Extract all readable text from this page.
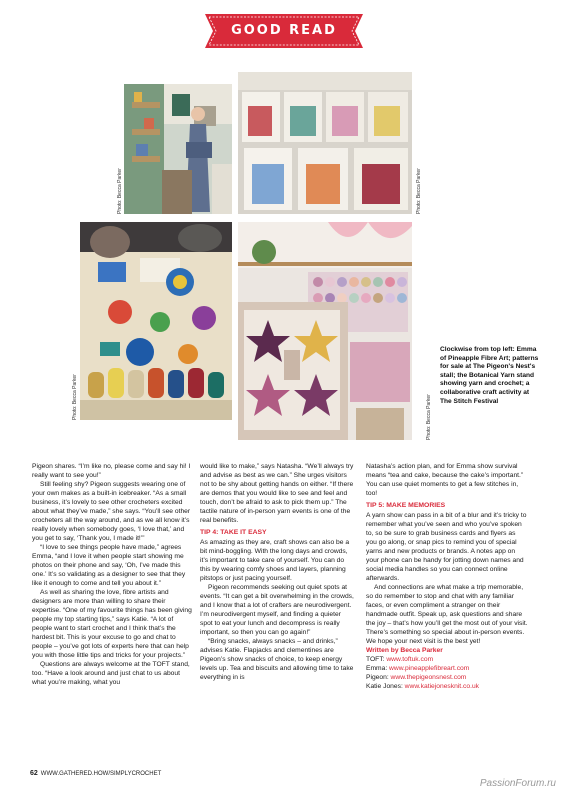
GOOD READ
Photo: Becca Parker	Photo: Becca Parker
Photo: Becca Parker	Photo: Becca Parker
Clockwise from top left: Emma of Pineapple Fibre Art; patterns for sale at The Pigeon's Nest's stall; the Botanical Yarn stand showing yarn and crochet; a collaborative craft activity at The Stitch Festival

Pigeon shares. “I’m like no, please come and say hi! I really want to see you!”

Still feeling shy? Pigeon suggests wearing one of your own makes as a built-in icebreaker. “As a small business, it’s lovely to see other crocheters excited about what they’ve made,” she says. “You’ll see other crocheters all the way around, and as we all know it’s really lovely when somebody goes, ‘I love that,’ and you get to say, ‘Thank you, I made it!’”

“I love to see things people have made,” agrees Emma, “and I love it when people start showing me photos on their phone and say, ‘Oh, I’ve made this one.’ It’s so validating as a designer to see that they like it enough to come and tell you about it.”

As well as sharing the love, fibre artists and designers are more than willing to share their expertise. “One of my favourite things has been giving people my top starting tips,” says Katie. “A lot of people want to start crochet and I think that’s the hardest bit. This is your excuse to go and chat to people – you’ve got lots of experts here that can help you with those little tips and tricks for your projects.”

Questions are always welcome at the TOFT stand, too. “Have a look around and just chat to us about what you’re making, what you

would like to make,” says Natasha. “We’ll always try and advise as best as we can.” She urges visitors not to be shy about getting hands on either. “If there are demos that you would like to see and feel and touch, don’t be afraid to ask to pick them up.” The tactile nature of in-person yarn events is one of the real benefits.

TIP 4: TAKE IT EASY

As amazing as they are, craft shows can also be a bit mind-boggling. With the long days and crowds, it’s important to take care of yourself. You can do this by wearing comfy shoes and layers, planning pitstops or just pacing yourself.

Pigeon recommends seeking out quiet spots at events. “It can get a bit overwhelming in the crowds, and I know that a lot of crafters are neurodivergent. I’m neurodivergent myself, and finding a quieter spot to eat your lunch and decompress is really important, so then you can go again!”

“Bring snacks, always snacks – and drinks,” advises Katie. Flapjacks and clementines are Pigeon’s show snacks of choice, to keep energy levels up. Tea and biscuits and allowing time to take everything in is

Natasha’s action plan, and for Emma show survival means “tea and cake, because the cake’s important.” You can use quiet moments to get a few stitches in, too!

TIP 5: MAKE MEMORIES

A yarn show can pass in a bit of a blur and it’s tricky to remember what you’ve seen and who you’ve spoken to, so be sure to grab business cards and flyers as you go along, or snap pics to remind you of special yarns and new products or brands. A notes app on your phone can be handy for jotting down names and social media handles so you can connect online afterwards.

And connections are what make a trip memorable, so do remember to stop and chat with any familiar faces, or even compliment a stranger on their handmade outfit. Speak up, ask questions and share the joy – that’s how you’ll get the most out of your visit. There’s something so special about in-person events. We hope your next visit is the best yet!

Written by Becca Parker
TOFT: www.toftuk.com
Emma: www.pineapplefibreart.com
Pigeon: www.thepigeonsnest.com
Katie Jones: www.katiejonesknit.co.uk
62 WWW.GATHERED.HOW/SIMPLYCROCHET
PassionForum.ru
